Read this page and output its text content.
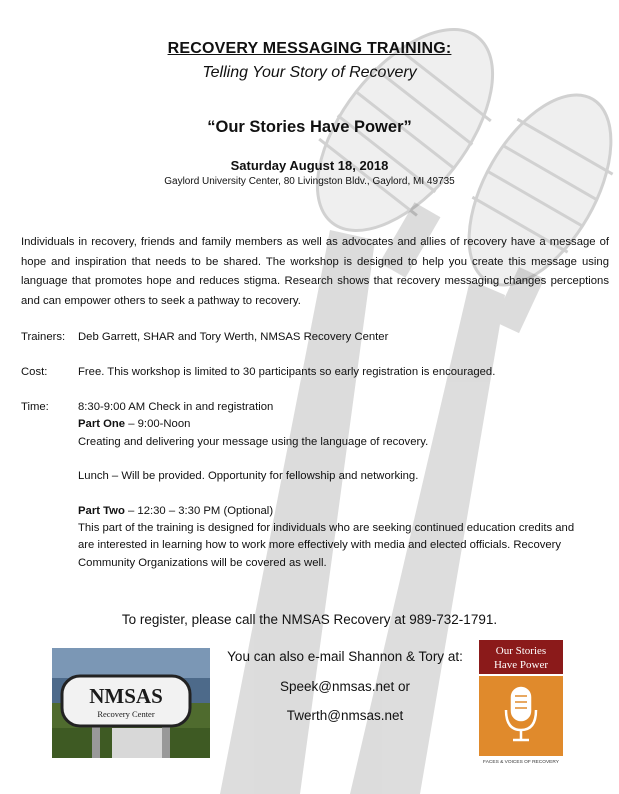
RECOVERY MESSAGING TRAINING:
Telling Your Story of Recovery
“Our Stories Have Power”
Saturday August 18, 2018
Gaylord University Center, 80 Livingston Bldv., Gaylord, MI 49735
Individuals in recovery, friends and family members as well as advocates and allies of recovery have a message of hope and inspiration that needs to be shared. The workshop is designed to help you create this message using language that promotes hope and reduces stigma. Research shows that recovery messaging changes perceptions and can empower others to seek a pathway to recovery.
Trainers: Deb Garrett, SHAR and Tory Werth, NMSAS Recovery Center
Cost:	Free. This workshop is limited to 30 participants so early registration is encouraged.
Time:	8:30-9:00 AM Check in and registration

Part One – 9:00-Noon

Creating and delivering your message using the language of recovery.

Lunch – Will be provided. Opportunity for fellowship and networking.

Part Two – 12:30 – 3:30 PM (Optional)

This part of the training is designed for individuals who are seeking continued education credits and are interested in learning how to work more effectively with media and elected officials. Recovery Community Organizations will be covered as well.

To register, please call the NMSAS Recovery at 989-732-1791.
You can also e-mail Shannon & Tory at:
Speek@nmsas.net or
Twerth@nmsas.net
NMSAS
Recovery Center
Our Stories
Have Power
FACES & VOICES OF RECOVERY
